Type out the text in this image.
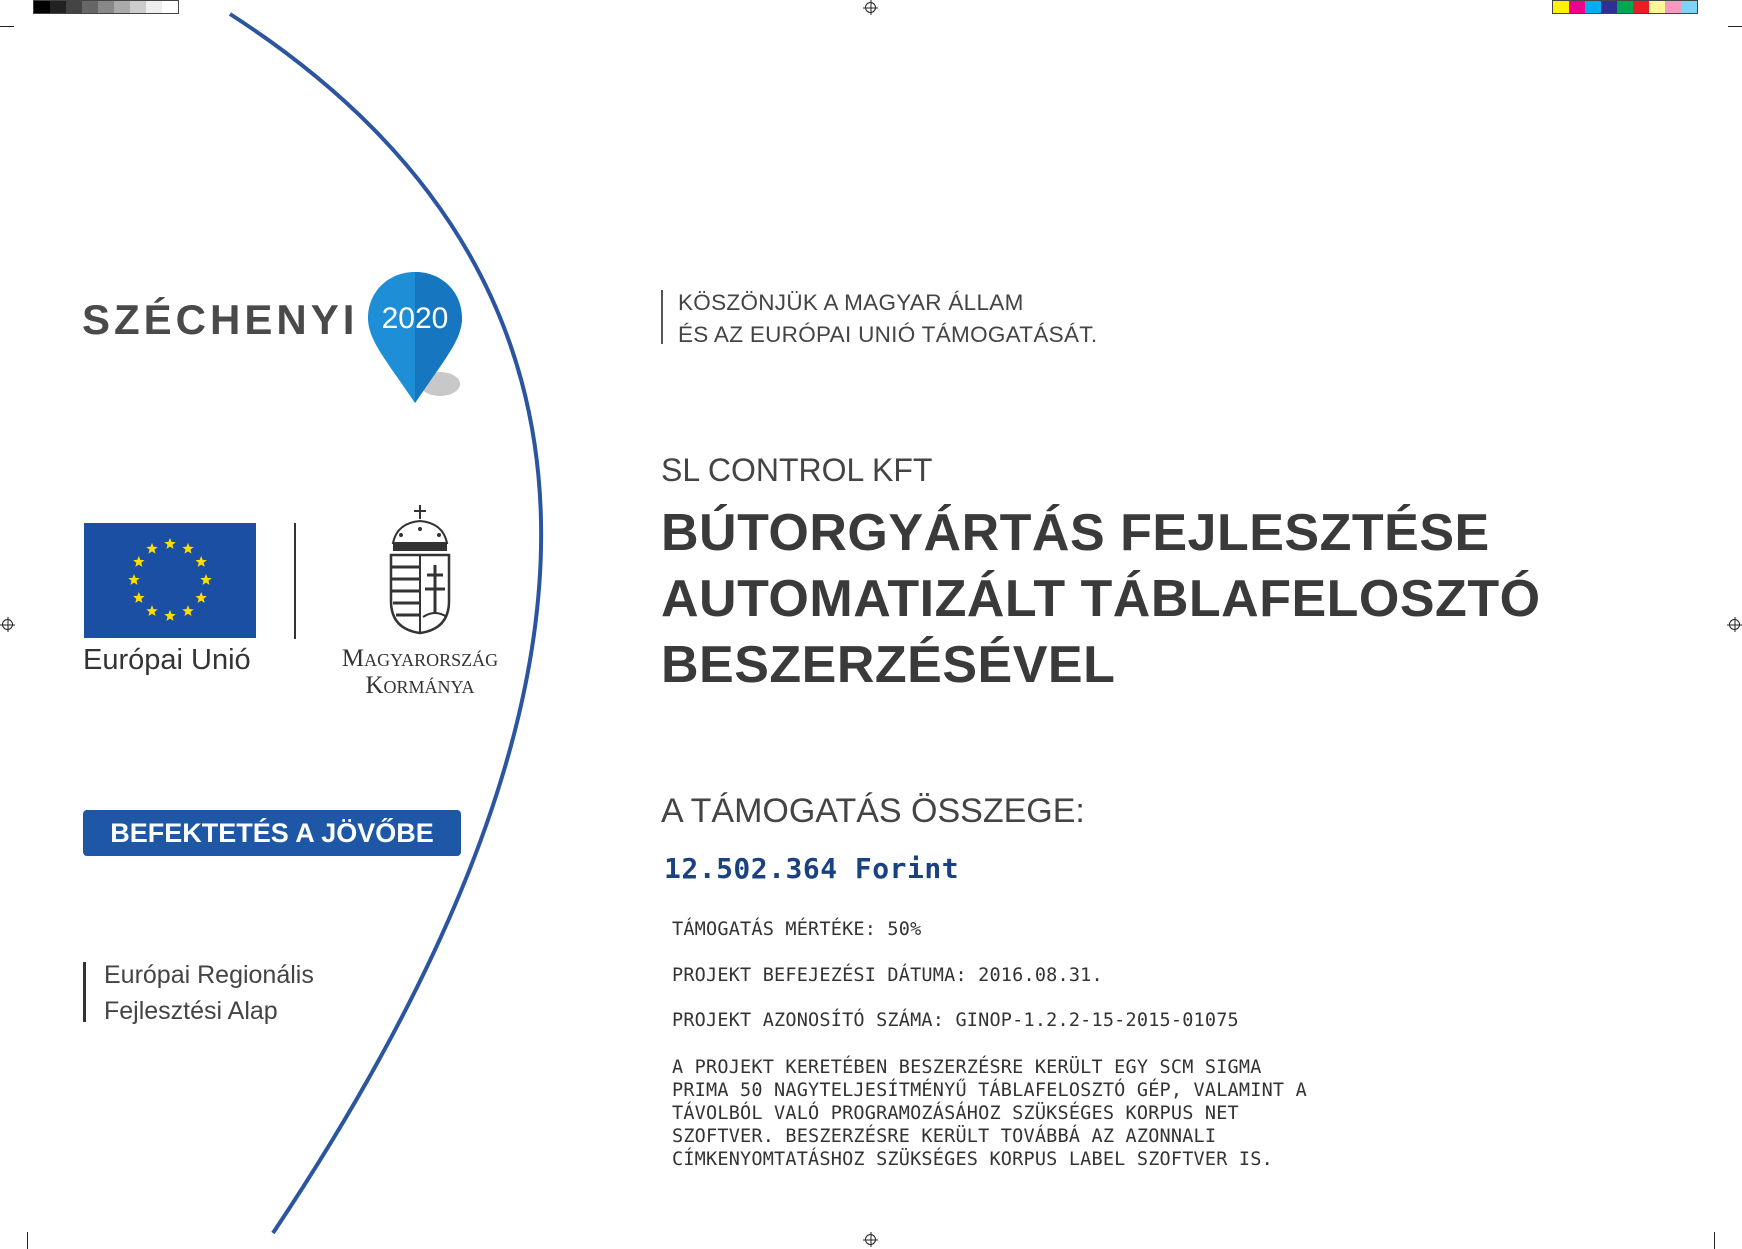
SZÉCHENYI 2020
Európai Unió	Magyarország
Kormánya
BEFEKTETÉS A JÖVŐBE
Európai Regionális
Fejlesztési Alap
KÖSZÖNJÜK A MAGYAR ÁLLAM
ÉS AZ EURÓPAI UNIÓ TÁMOGATÁSÁT.
SL CONTROL KFT
BÚTORGYÁRTÁS FEJLESZTÉSE
AUTOMATIZÁLT TÁBLAFELOSZTÓ
BESZERZÉSÉVEL
A TÁMOGATÁS ÖSSZEGE:
12.502.364 Forint
TÁMOGATÁS MÉRTÉKE: 50%
PROJEKT BEFEJEZÉSI DÁTUMA: 2016.08.31.
PROJEKT AZONOSÍTÓ SZÁMA: GINOP-1.2.2-15-2015-01075
A PROJEKT KERETÉBEN BESZERZÉSRE KERÜLT EGY SCM SIGMA
PRIMA 50 NAGYTELJESÍTMÉNYŰ TÁBLAFELOSZTÓ GÉP, VALAMINT A
TÁVOLBÓL VALÓ PROGRAMOZÁSÁHOZ SZÜKSÉGES KORPUS NET
SZOFTVER. BESZERZÉSRE KERÜLT TOVÁBBÁ AZ AZONNALI
CÍMKENYOMTATÁSHOZ SZÜKSÉGES KORPUS LABEL SZOFTVER IS.
